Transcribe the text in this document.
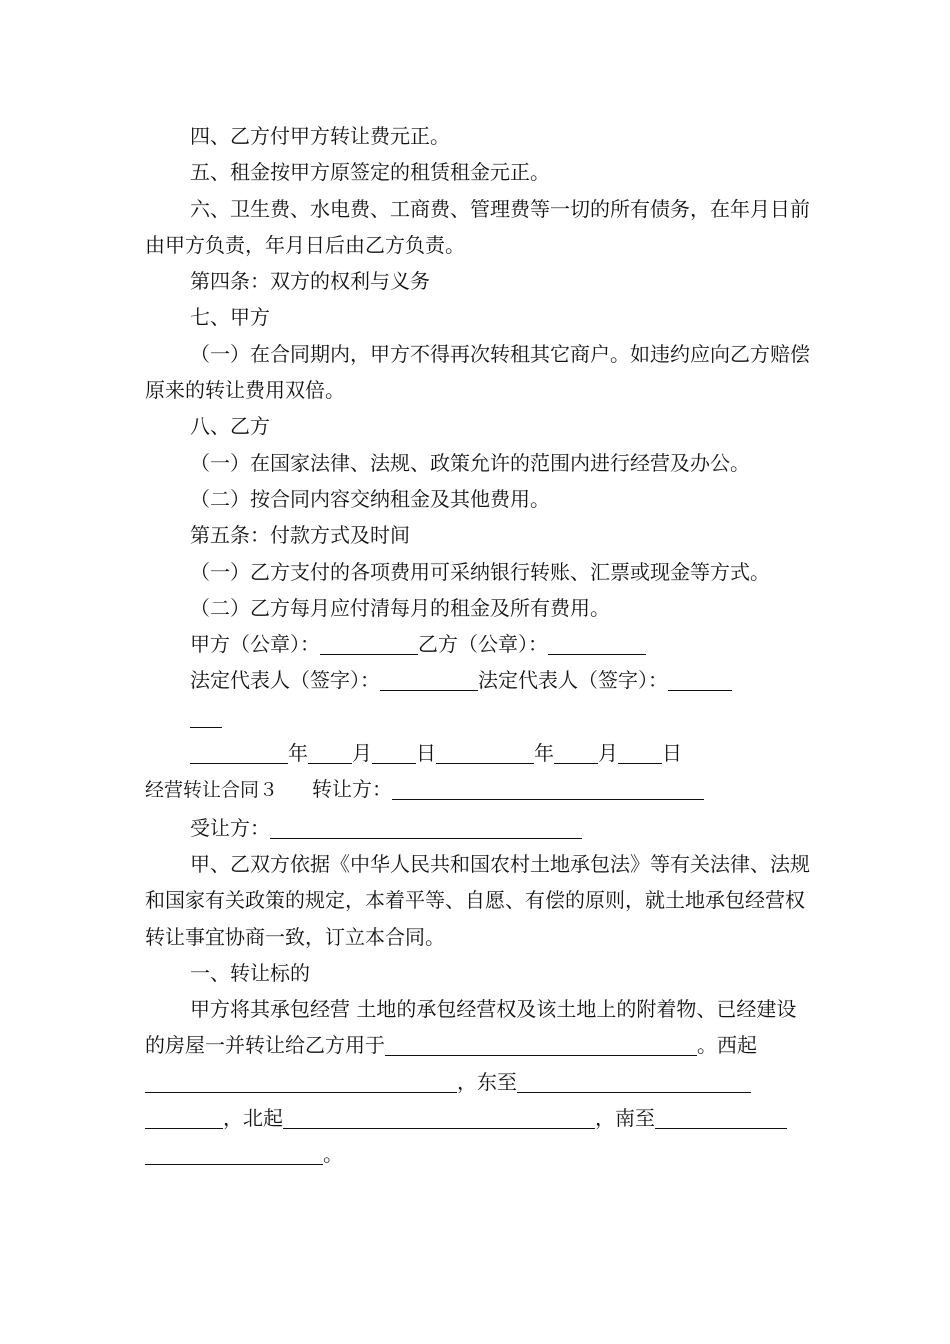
四、乙方付甲方转让费元正。

五、租金按甲方原签定的租赁租金元正。

六、卫生费、水电费、工商费、管理费等一切的所有债务，在年月日前由甲方负责，年月日后由乙方负责。

第四条：双方的权利与义务

七、甲方

（一）在合同期内，甲方不得再次转租其它商户。如违约应向乙方赔偿原来的转让费用双倍。

八、乙方

（一）在国家法律、法规、政策允许的范围内进行经营及办公。

（二）按合同内容交纳租金及其他费用。

第五条：付款方式及时间

（一）乙方支付的各项费用可采纳银行转账、汇票或现金等方式。

（二）乙方每月应付清每月的租金及所有费用。

甲方（公章）：	乙方（公章）：

法定代表人（签字）：	法定代表人（签字）：

年 月 日	年 月 日

经营转让合同３ 转让方：

受让方：

甲、乙双方依据《中华人民共和国农村土地承包法》等有关法律、法规和国家有关政策的规定，本着平等、自愿、有偿的原则，就土地承包经营权转让事宜协商一致，订立本合同。

一、转让标的

甲方将其承包经营 土地的承包经营权及该土地上的附着物、已经建设的房屋一并转让给乙方用于	。西起，东至，北起	，南至。
